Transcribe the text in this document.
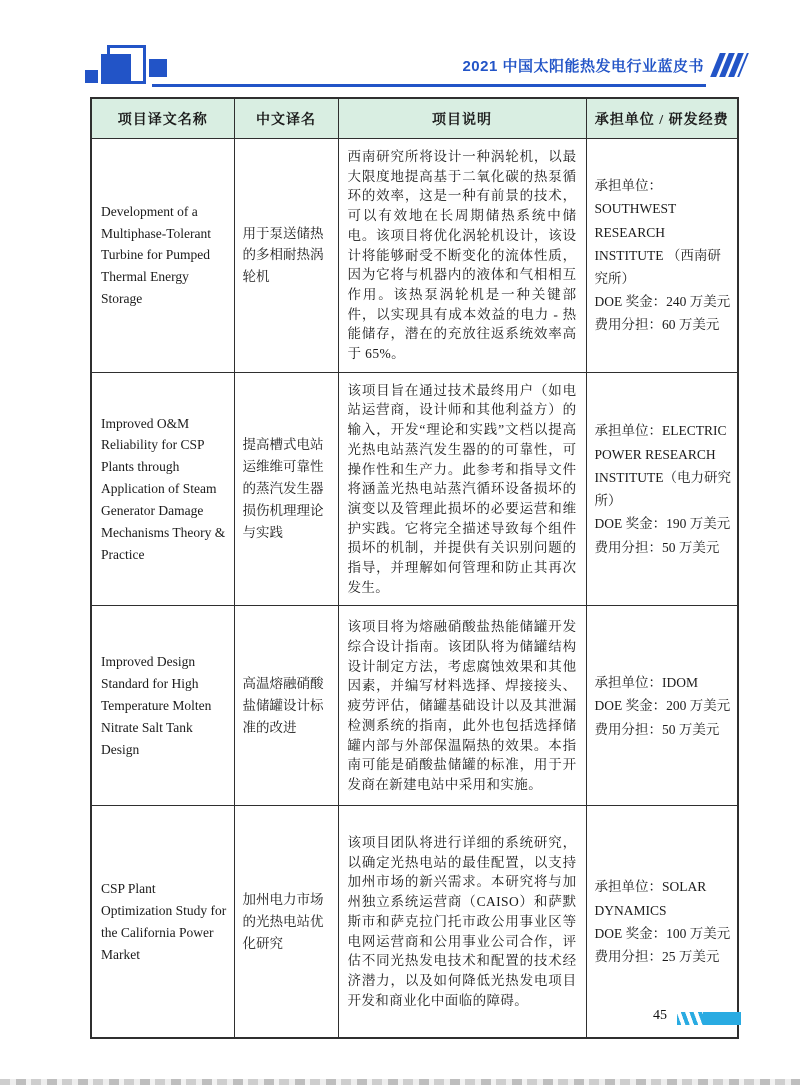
2021 中国太阳能热发电行业蓝皮书
项目译文名称	中文译名	项目说明	承担单位 / 研发经费
Development of a Multiphase-Tolerant Turbine for Pumped Thermal Energy Storage	用于泵送储热的多相耐热涡轮机	西南研究所将设计一种涡轮机，以最大限度地提高基于二氧化碳的热泵循环的效率，这是一种有前景的技术，可以有效地在长周期储热系统中储电。该项目将优化涡轮机设计，该设计将能够耐受不断变化的流体性质，因为它将与机器内的液体和气相相互作用。该热泵涡轮机是一种关键部件，以实现具有成本效益的电力 - 热能储存，潜在的充放往返系统效率高于 65%。	承担单位：
SOUTHWEST RESEARCH INSTITUTE （西南研究所）
DOE 奖金：240 万美元
费用分担：60 万美元

Improved O&M Reliability for CSP Plants through Application of Steam Generator Damage Mechanisms Theory & Practice	提高槽式电站运维维可靠性的蒸汽发生器损伤机理理论与实践	该项目旨在通过技术最终用户（如电站运营商，设计师和其他利益方）的输入，开发“理论和实践”文档以提高光热电站蒸汽发生器的的可靠性，可操作性和生产力。此参考和指导文件将涵盖光热电站蒸汽循环设备损坏的演变以及管理此损坏的必要运营和维护实践。它将完全描述导致每个组件损坏的机制，并提供有关识别问题的指导，并理解如何管理和防止其再次发生。	承担单位：ELECTRIC POWER RESEARCH INSTITUTE（电力研究所）
DOE 奖金：190 万美元
费用分担：50 万美元

Improved Design Standard for High Temperature Molten Nitrate Salt Tank Design	高温熔融硝酸盐储罐设计标准的改进	该项目将为熔融硝酸盐热能储罐开发综合设计指南。该团队将为储罐结构设计制定方法，考虑腐蚀效果和其他因素，并编写材料选择、焊接接头、疲劳评估，储罐基础设计以及其泄漏检测系统的指南，此外也包括选择储罐内部与外部保温隔热的效果。本指南可能是硝酸盐储罐的标准，用于开发商在新建电站中采用和实施。	承担单位：IDOM
DOE 奖金：200 万美元
费用分担：50 万美元

CSP Plant Optimization Study for the California Power Market	加州电力市场的光热电站优化研究	该项目团队将进行详细的系统研究，以确定光热电站的最佳配置，以支持加州市场的新兴需求。本研究将与加州独立系统运营商（CAISO）和萨默斯市和萨克拉门托市政公用事业区等电网运营商和公用事业公司合作，评估不同光热发电技术和配置的技术经济潜力，以及如何降低光热发电项目开发和商业化中面临的障碍。	承担单位：SOLAR DYNAMICS
DOE 奖金：100 万美元
费用分担：25 万美元
45
